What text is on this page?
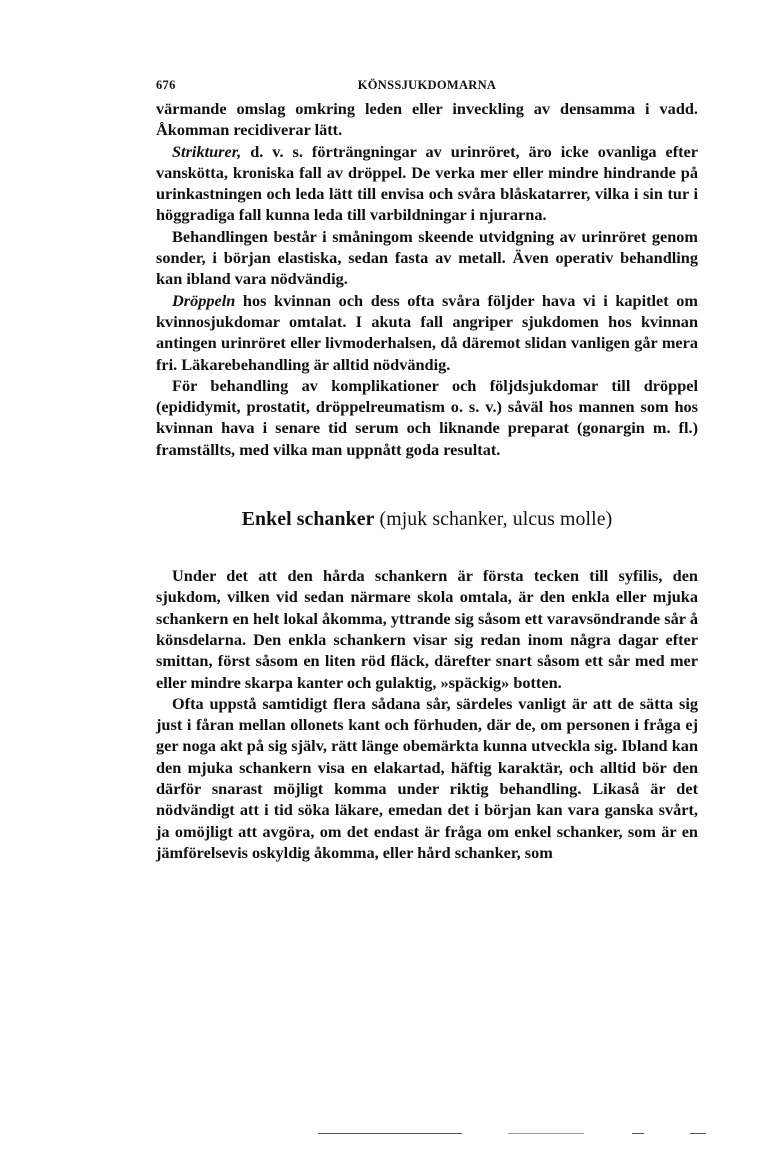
676	KÖNSSJUKDOMARNA

värmande omslag omkring leden eller inveckling av densamma i vadd. Åkomman recidiverar lätt.

Strikturer, d. v. s. förträngningar av urinröret, äro icke ovanliga efter vanskötta, kroniska fall av dröppel. De verka mer eller mindre hindrande på urinkastningen och leda lätt till envisa och svåra blåskatarrer, vilka i sin tur i höggradiga fall kunna leda till varbildningar i njurarna.

Behandlingen består i småningom skeende utvidgning av urinröret genom sonder, i början elastiska, sedan fasta av metall. Även operativ behandling kan ibland vara nödvändig.

Dröppeln hos kvinnan och dess ofta svåra följder hava vi i kapitlet om kvinnosjukdomar omtalat. I akuta fall angriper sjukdomen hos kvinnan antingen urinröret eller livmoderhalsen, då däremot slidan vanligen går mera fri. Läkarebehandling är alltid nödvändig.

För behandling av komplikationer och följdsjukdomar till dröppel (epididymit, prostatit, dröppelreumatism o. s. v.) såväl hos mannen som hos kvinnan hava i senare tid serum och liknande preparat (gonargin m. fl.) framställts, med vilka man uppnått goda resultat.

Enkel schanker (mjuk schanker, ulcus molle)

Under det att den hårda schankern är första tecken till syfilis, den sjukdom, vilken vid sedan närmare skola omtala, är den enkla eller mjuka schankern en helt lokal åkomma, yttrande sig såsom ett varavsöndrande sår å könsdelarna. Den enkla schankern visar sig redan inom några dagar efter smittan, först såsom en liten röd fläck, därefter snart såsom ett sår med mer eller mindre skarpa kanter och gulaktig, »späckig» botten.

Ofta uppstå samtidigt flera sådana sår, särdeles vanligt är att de sätta sig just i fåran mellan ollonets kant och förhuden, där de, om personen i fråga ej ger noga akt på sig själv, rätt länge obemärkta kunna utveckla sig. Ibland kan den mjuka schankern visa en elakartad, häftig karaktär, och alltid bör den därför snarast möjligt komma under riktig behandling. Likaså är det nödvändigt att i tid söka läkare, emedan det i början kan vara ganska svårt, ja omöjligt att avgöra, om det endast är fråga om enkel schanker, som är en jämförelsevis oskyldig åkomma, eller hård schanker, som
